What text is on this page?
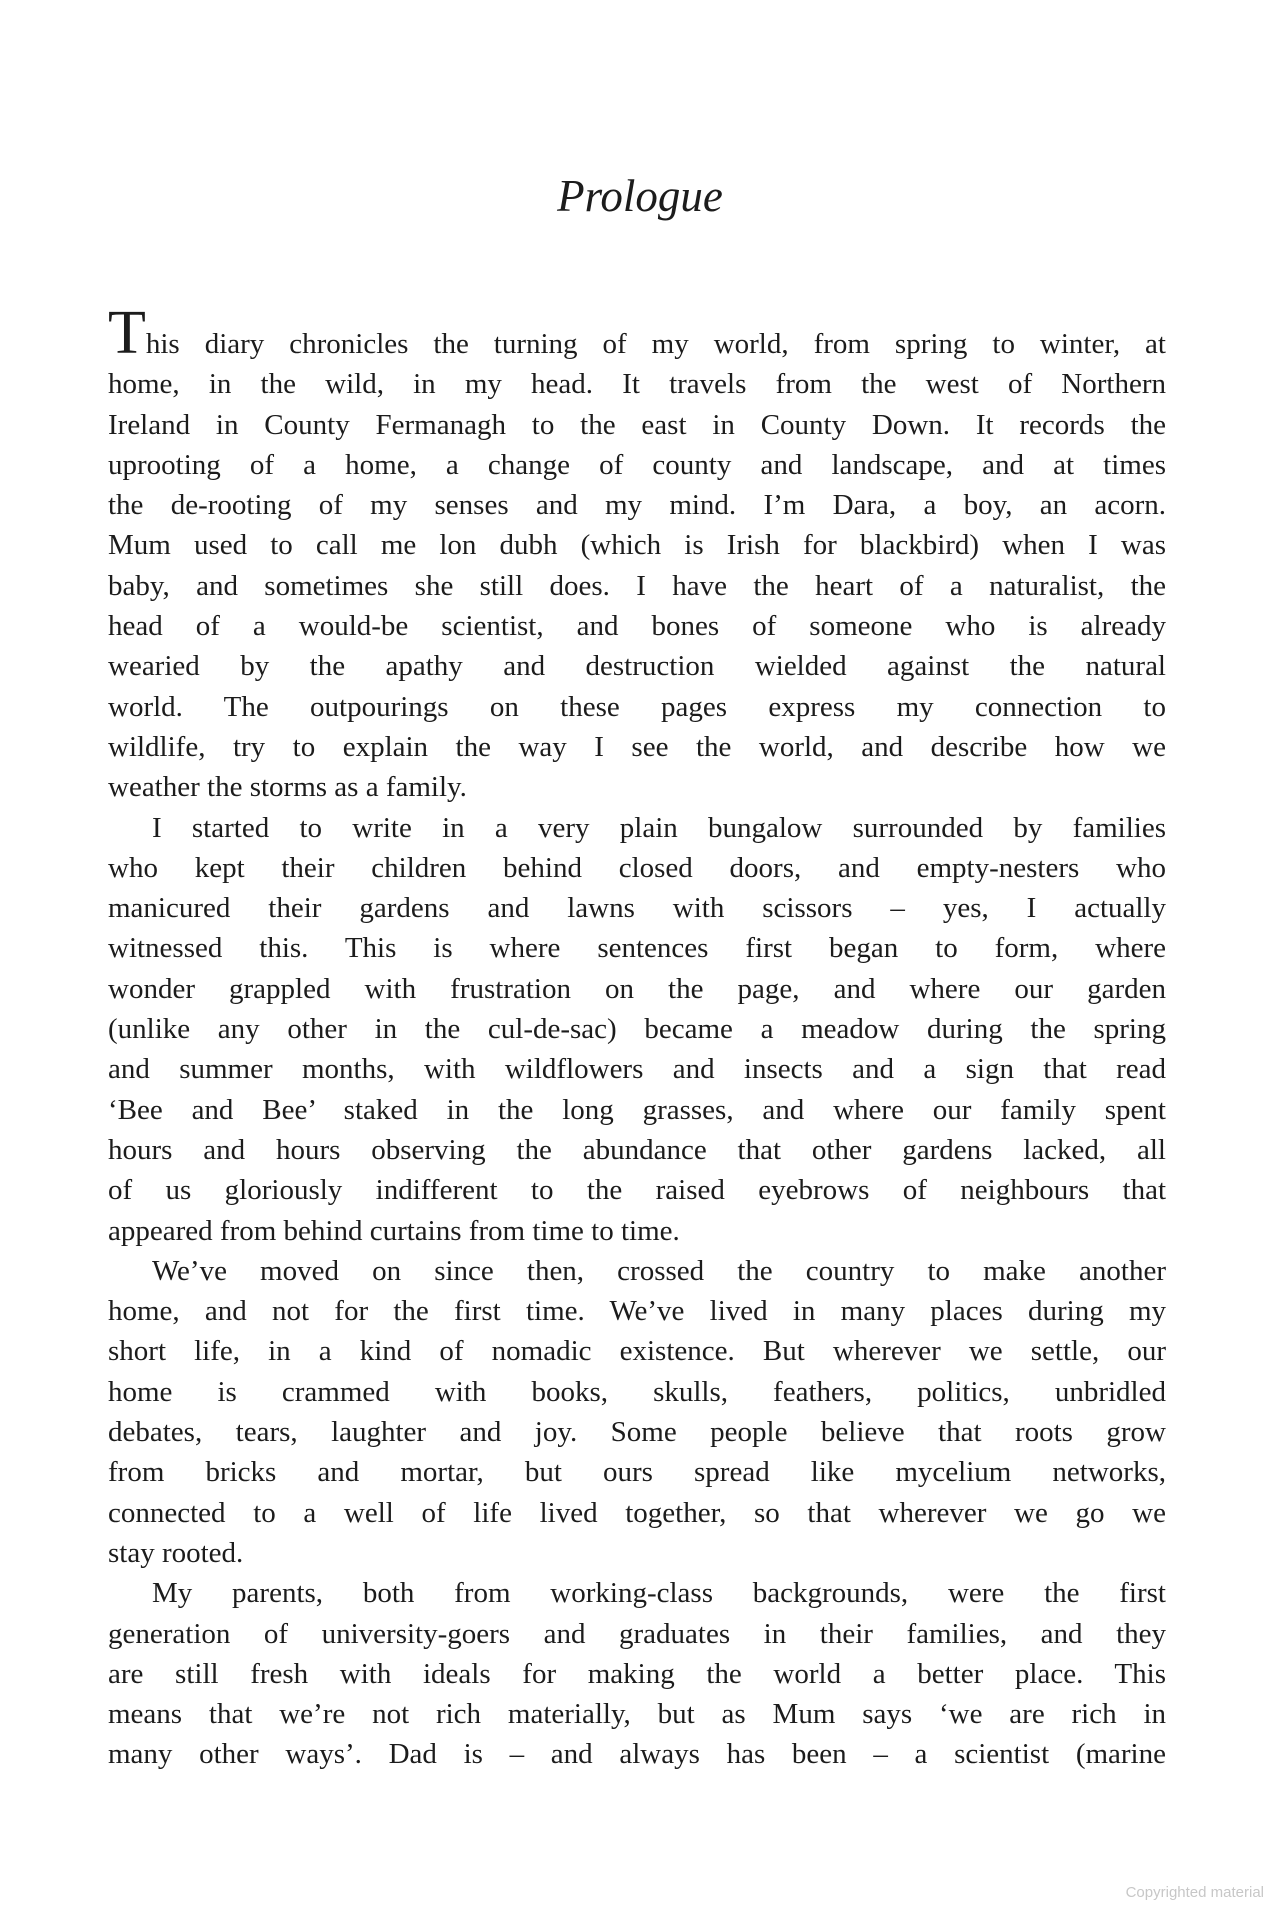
Prologue
This diary chronicles the turning of my world, from spring to winter, at
home, in the wild, in my head. It travels from the west of Northern
Ireland in County Fermanagh to the east in County Down. It records the
uprooting of a home, a change of county and landscape, and at times
the de-rooting of my senses and my mind. I’m Dara, a boy, an acorn.
Mum used to call me lon dubh (which is Irish for blackbird) when I was
baby, and sometimes she still does. I have the heart of a naturalist, the
head of a would-be scientist, and bones of someone who is already
wearied by the apathy and destruction wielded against the natural
world. The outpourings on these pages express my connection to
wildlife, try to explain the way I see the world, and describe how we
weather the storms as a family.
I started to write in a very plain bungalow surrounded by families
who kept their children behind closed doors, and empty-nesters who
manicured their gardens and lawns with scissors – yes, I actually
witnessed this. This is where sentences first began to form, where
wonder grappled with frustration on the page, and where our garden
(unlike any other in the cul-de-sac) became a meadow during the spring
and summer months, with wildflowers and insects and a sign that read
‘Bee and Bee’ staked in the long grasses, and where our family spent
hours and hours observing the abundance that other gardens lacked, all
of us gloriously indifferent to the raised eyebrows of neighbours that
appeared from behind curtains from time to time.
We’ve moved on since then, crossed the country to make another
home, and not for the first time. We’ve lived in many places during my
short life, in a kind of nomadic existence. But wherever we settle, our
home is crammed with books, skulls, feathers, politics, unbridled
debates, tears, laughter and joy. Some people believe that roots grow
from bricks and mortar, but ours spread like mycelium networks,
connected to a well of life lived together, so that wherever we go we
stay rooted.
My parents, both from working-class backgrounds, were the first
generation of university-goers and graduates in their families, and they
are still fresh with ideals for making the world a better place. This
means that we’re not rich materially, but as Mum says ‘we are rich in
many other ways’. Dad is – and always has been – a scientist (marine
Copyrighted material
